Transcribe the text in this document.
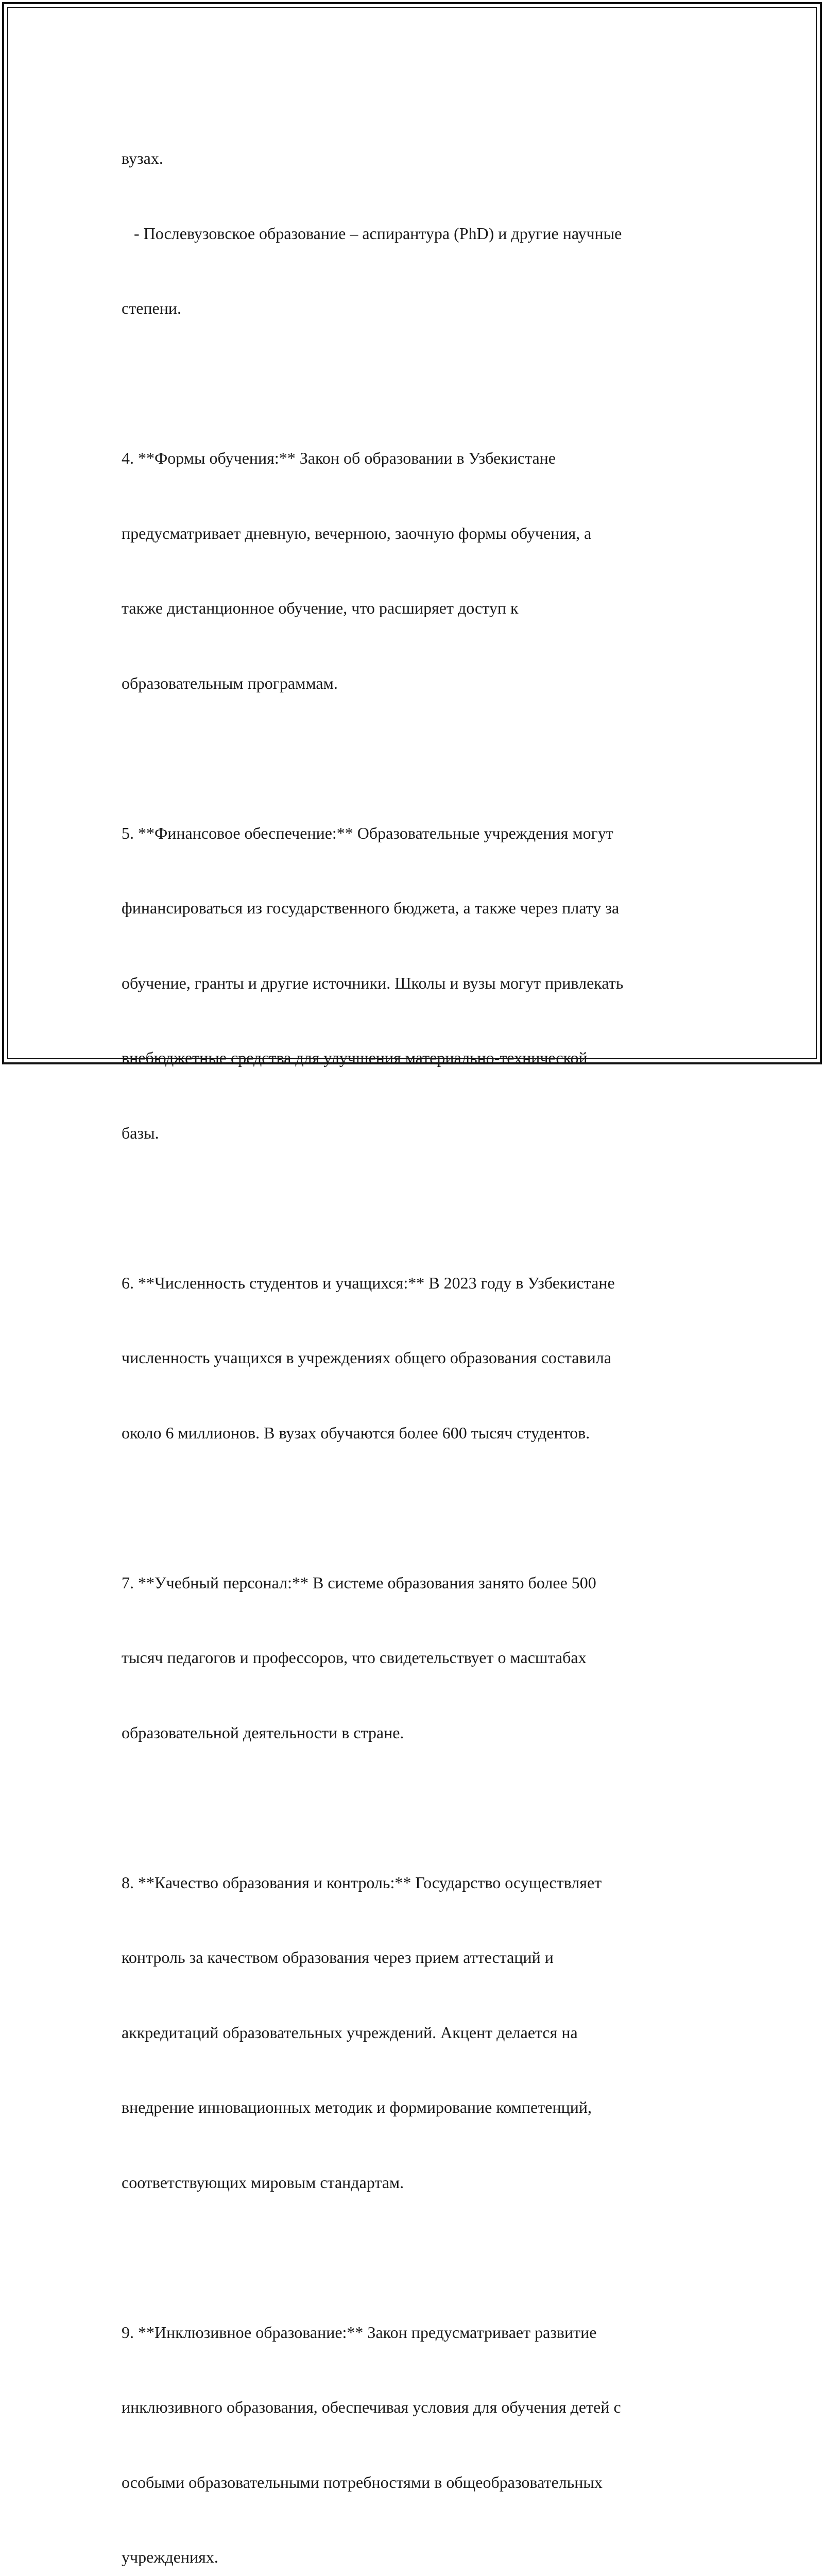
вузах.

- Послевузовское образование – аспирантура (PhD) и другие научные

степени.

4. **Формы обучения:** Закон об образовании в Узбекистане

предусматривает дневную, вечернюю, заочную формы обучения, а

также дистанционное обучение, что расширяет доступ к

образовательным программам.

5. **Финансовое обеспечение:** Образовательные учреждения могут

финансироваться из государственного бюджета, а также через плату за

обучение, гранты и другие источники. Школы и вузы могут привлекать

внебюджетные средства для улучшения материально-технической

базы.

6. **Численность студентов и учащихся:** В 2023 году в Узбекистане

численность учащихся в учреждениях общего образования составила

около 6 миллионов. В вузах обучаются более 600 тысяч студентов.

7. **Учебный персонал:** В системе образования занято более 500

тысяч педагогов и профессоров, что свидетельствует о масштабах

образовательной деятельности в стране.

8. **Качество образования и контроль:** Государство осуществляет

контроль за качеством образования через прием аттестаций и

аккредитаций образовательных учреждений. Акцент делается на

внедрение инновационных методик и формирование компетенций,

соответствующих мировым стандартам.

9. **Инклюзивное образование:** Закон предусматривает развитие

инклюзивного образования, обеспечивая условия для обучения детей с

особыми образовательными потребностями в общеобразовательных

учреждениях.
